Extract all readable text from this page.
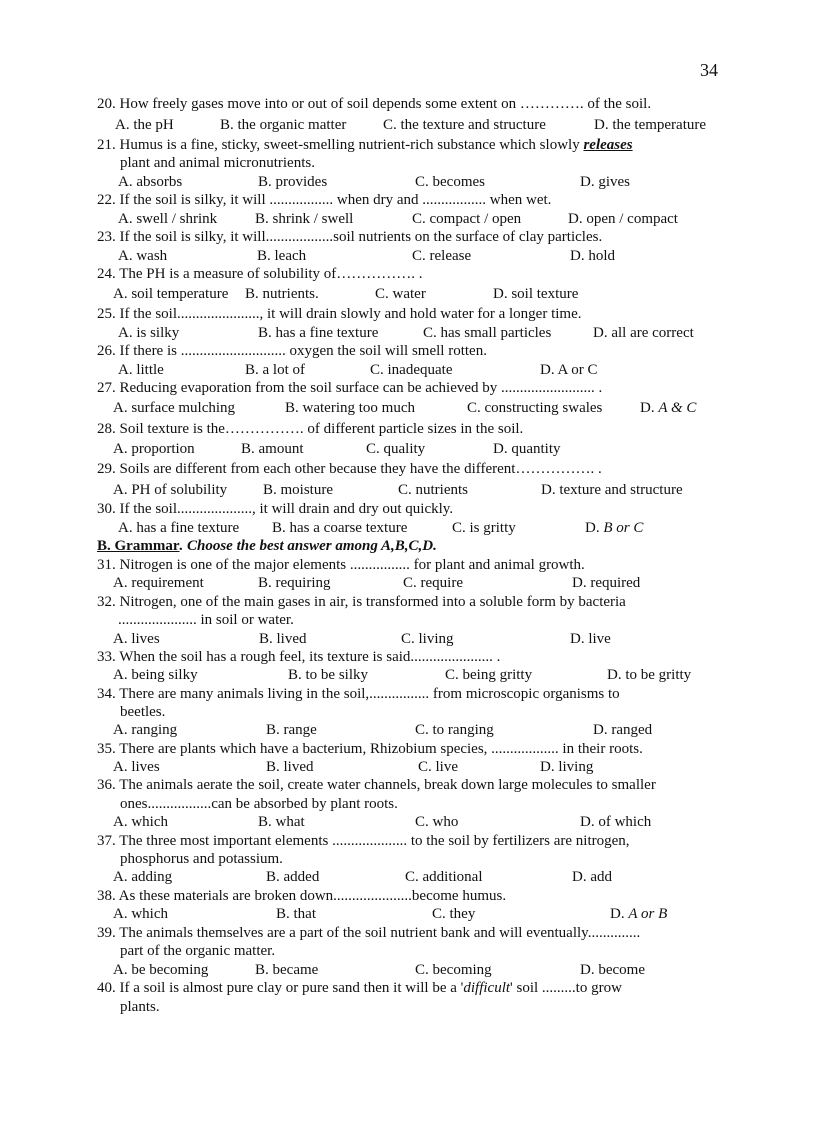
34
20. How freely gases move into or out of soil depends some extent on …………. of the soil.
A. the pH	B. the organic matter C. the texture and structure	D. the temperature
21. Humus is a fine, sticky, sweet-smelling nutrient-rich substance which slowly releases
plant and animal micronutrients.
A. absorbs	B. provides	C. becomes	D. gives
22. If the soil is silky, it will ................. when dry and ................. when wet.
A. swell / shrink	B. shrink / swell	C. compact / open	D. open / compact
23. If the soil is silky, it will..................soil nutrients on the surface of clay particles.
A. wash	B. leach	C. release	D. hold
24. The PH is a measure of solubility of……………. .
A. soil temperature B. nutrients.	C. water	D. soil texture
25. If the soil......................, it will drain slowly and hold water for a longer time.
A. is silky	B. has a fine texture	C. has small particles	D. all are correct
26. If there is ............................ oxygen the soil will smell rotten.
A. little	B. a lot of	C. inadequate	D. A or C
27. Reducing evaporation from the soil surface can be achieved by ......................... .
A. surface mulching	B. watering too much	C. constructing swales	D. A & C
28. Soil texture is the……………. of different particle sizes in the soil.
A. proportion	B. amount	C. quality	D. quantity
29. Soils are different from each other because they have the different……………. .
A. PH of solubility B. moisture	C. nutrients	D. texture and structure
30. If the soil...................., it will drain and dry out quickly.
A. has a fine texture B. has a coarse texture	C. is gritty	D. B or C
B. Grammar. Choose the best answer among A,B,C,D.
31. Nitrogen is one of the major elements ................ for plant and animal growth.
A. requirement	B. requiring	C. require	D. required
32. Nitrogen, one of the main gases in air, is transformed into a soluble form by bacteria
..................... in soil or water.
A. lives	B. lived	C. living	D. live
33. When the soil has a rough feel, its texture is said...................... .
A. being silky	B. to be silky	C. being gritty	D. to be gritty
34. There are many animals living in the soil,................ from microscopic organisms to
beetles.
A. ranging	B. range	C. to ranging	D. ranged
35. There are plants which have a bacterium, Rhizobium species, .................. in their roots.
A. lives	B. lived	C. live	D. living
36. The animals aerate the soil, create water channels, break down large molecules to smaller
ones.................can be absorbed by plant roots.
A. which	B. what	C. who	D. of which
37. The three most important elements .................... to the soil by fertilizers are nitrogen,
phosphorus and potassium.
A. adding	B. added	C. additional	D. add
38. As these materials are broken down.....................become humus.
A. which	B. that	C. they	D. A or B
39. The animals themselves are a part of the soil nutrient bank and will eventually..............
part of the organic matter.
A. be becoming	B. became	C. becoming	D. become
40. If a soil is almost pure clay or pure sand then it will be a 'difficult' soil .........to grow
plants.
